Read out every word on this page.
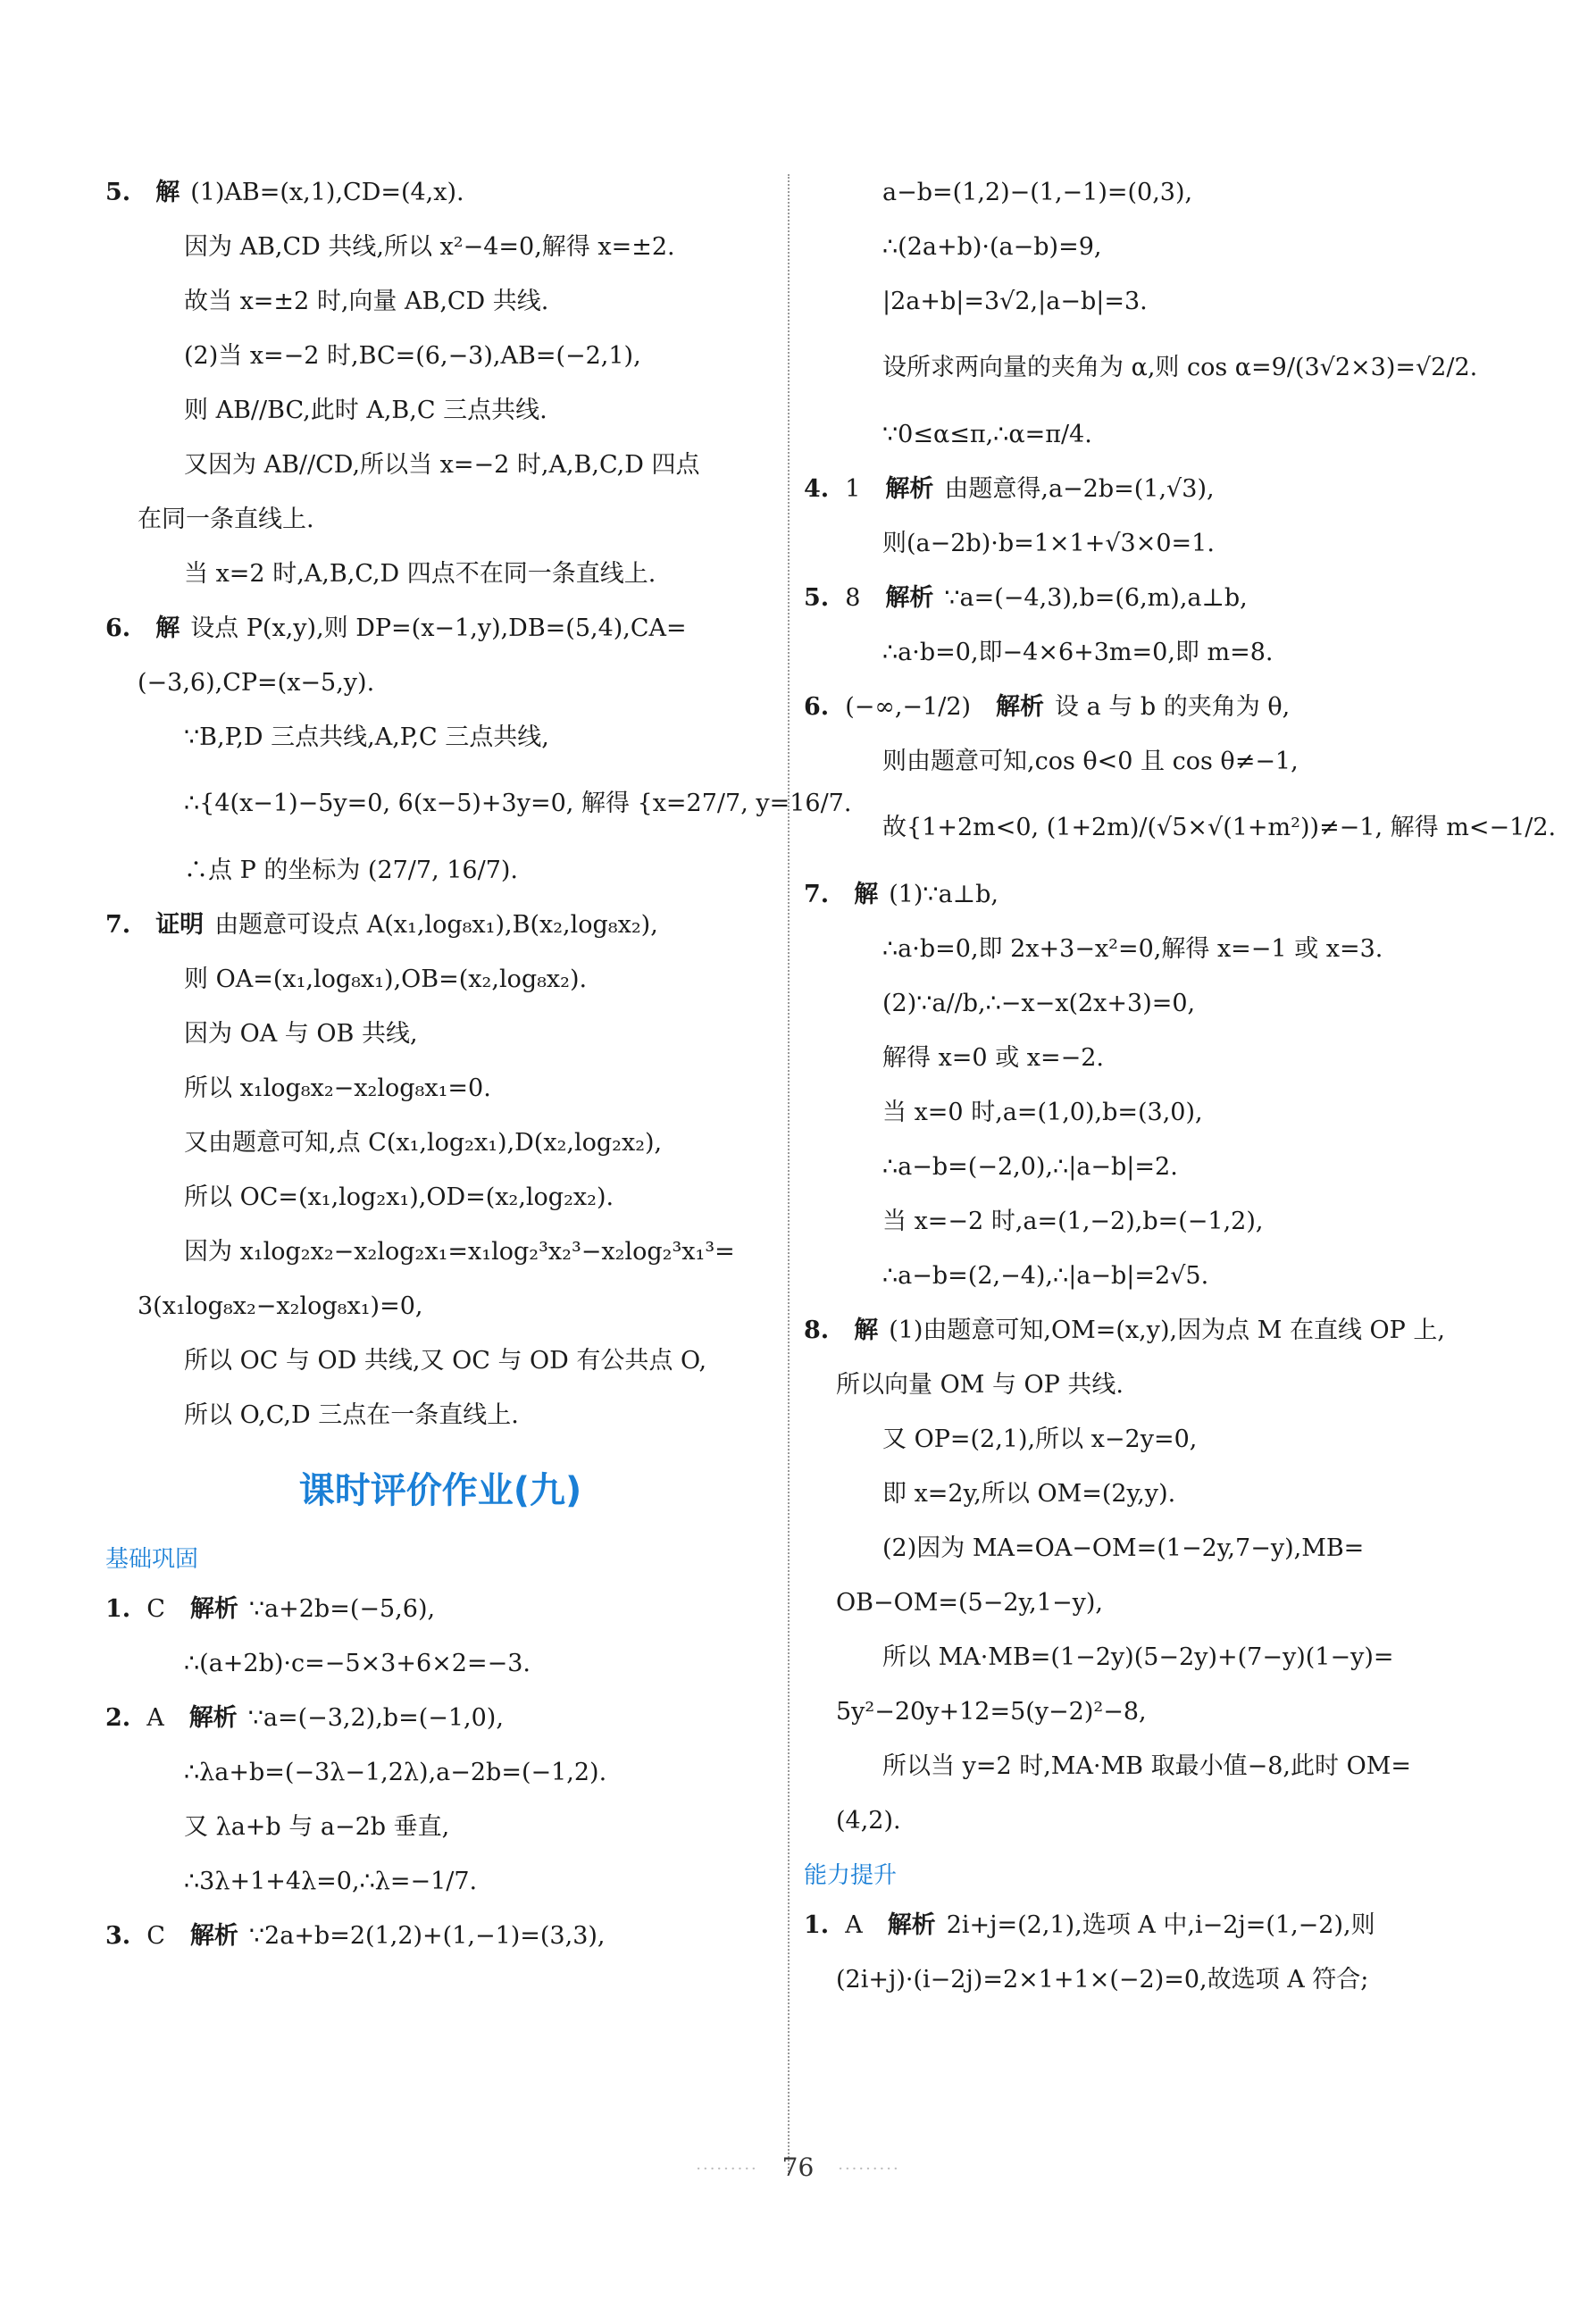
5. 解 (1)AB=(x,1),CD=(4,x).
因为 AB,CD 共线,所以 x²−4=0,解得 x=±2.
故当 x=±2 时,向量 AB,CD 共线.
(2)当 x=−2 时,BC=(6,−3),AB=(−2,1),
则 AB//BC,此时 A,B,C 三点共线.
又因为 AB//CD,所以当 x=−2 时,A,B,C,D 四点
在同一条直线上.
当 x=2 时,A,B,C,D 四点不在同一条直线上.
6. 解 设点 P(x,y),则 DP=(x−1,y),DB=(5,4),CA=
(−3,6),CP=(x−5,y).
∵B,P,D 三点共线,A,P,C 三点共线,
∴{4(x−1)−5y=0, 6(x−5)+3y=0, 解得 {x=27/7, y=16/7.
∴点 P 的坐标为 (27/7, 16/7).
7. 证明 由题意可设点 A(x₁,log₈x₁),B(x₂,log₈x₂),
则 OA=(x₁,log₈x₁),OB=(x₂,log₈x₂).
因为 OA 与 OB 共线,
所以 x₁log₈x₂−x₂log₈x₁=0.
又由题意可知,点 C(x₁,log₂x₁),D(x₂,log₂x₂),
所以 OC=(x₁,log₂x₁),OD=(x₂,log₂x₂).
因为 x₁log₂x₂−x₂log₂x₁=x₁log₂³x₂³−x₂log₂³x₁³=
3(x₁log₈x₂−x₂log₈x₁)=0,
所以 OC 与 OD 共线,又 OC 与 OD 有公共点 O,
所以 O,C,D 三点在一条直线上.
课时评价作业(九)
基础巩固
1. C 解析 ∵a+2b=(−5,6),
∴(a+2b)·c=−5×3+6×2=−3.
2. A 解析 ∵a=(−3,2),b=(−1,0),
∴λa+b=(−3λ−1,2λ),a−2b=(−1,2).
又 λa+b 与 a−2b 垂直,
∴3λ+1+4λ=0,∴λ=−1/7.
3. C 解析 ∵2a+b=2(1,2)+(1,−1)=(3,3),
a−b=(1,2)−(1,−1)=(0,3),
∴(2a+b)·(a−b)=9,
|2a+b|=3√2,|a−b|=3.
设所求两向量的夹角为 α,则 cos α=9/(3√2×3)=√2/2.
∵0≤α≤π,∴α=π/4.
4. 1 解析 由题意得,a−2b=(1,√3),
则(a−2b)·b=1×1+√3×0=1.
5. 8 解析 ∵a=(−4,3),b=(6,m),a⊥b,
∴a·b=0,即−4×6+3m=0,即 m=8.
6. (−∞,−1/2) 解析 设 a 与 b 的夹角为 θ,
则由题意可知,cos θ<0 且 cos θ≠−1,
故{1+2m<0, (1+2m)/(√5×√(1+m²))≠−1, 解得 m<−1/2.
7. 解 (1)∵a⊥b,
∴a·b=0,即 2x+3−x²=0,解得 x=−1 或 x=3.
(2)∵a//b,∴−x−x(2x+3)=0,
解得 x=0 或 x=−2.
当 x=0 时,a=(1,0),b=(3,0),
∴a−b=(−2,0),∴|a−b|=2.
当 x=−2 时,a=(1,−2),b=(−1,2),
∴a−b=(2,−4),∴|a−b|=2√5.
8. 解 (1)由题意可知,OM=(x,y),因为点 M 在直线 OP 上,
所以向量 OM 与 OP 共线.
又 OP=(2,1),所以 x−2y=0,
即 x=2y,所以 OM=(2y,y).
(2)因为 MA=OA−OM=(1−2y,7−y),MB=
OB−OM=(5−2y,1−y),
所以 MA·MB=(1−2y)(5−2y)+(7−y)(1−y)=
5y²−20y+12=5(y−2)²−8,
所以当 y=2 时,MA·MB 取最小值−8,此时 OM=
(4,2).
能力提升
1. A 解析 2i+j=(2,1),选项 A 中,i−2j=(1,−2),则
(2i+j)·(i−2j)=2×1+1×(−2)=0,故选项 A 符合;
········· 76 ·········
